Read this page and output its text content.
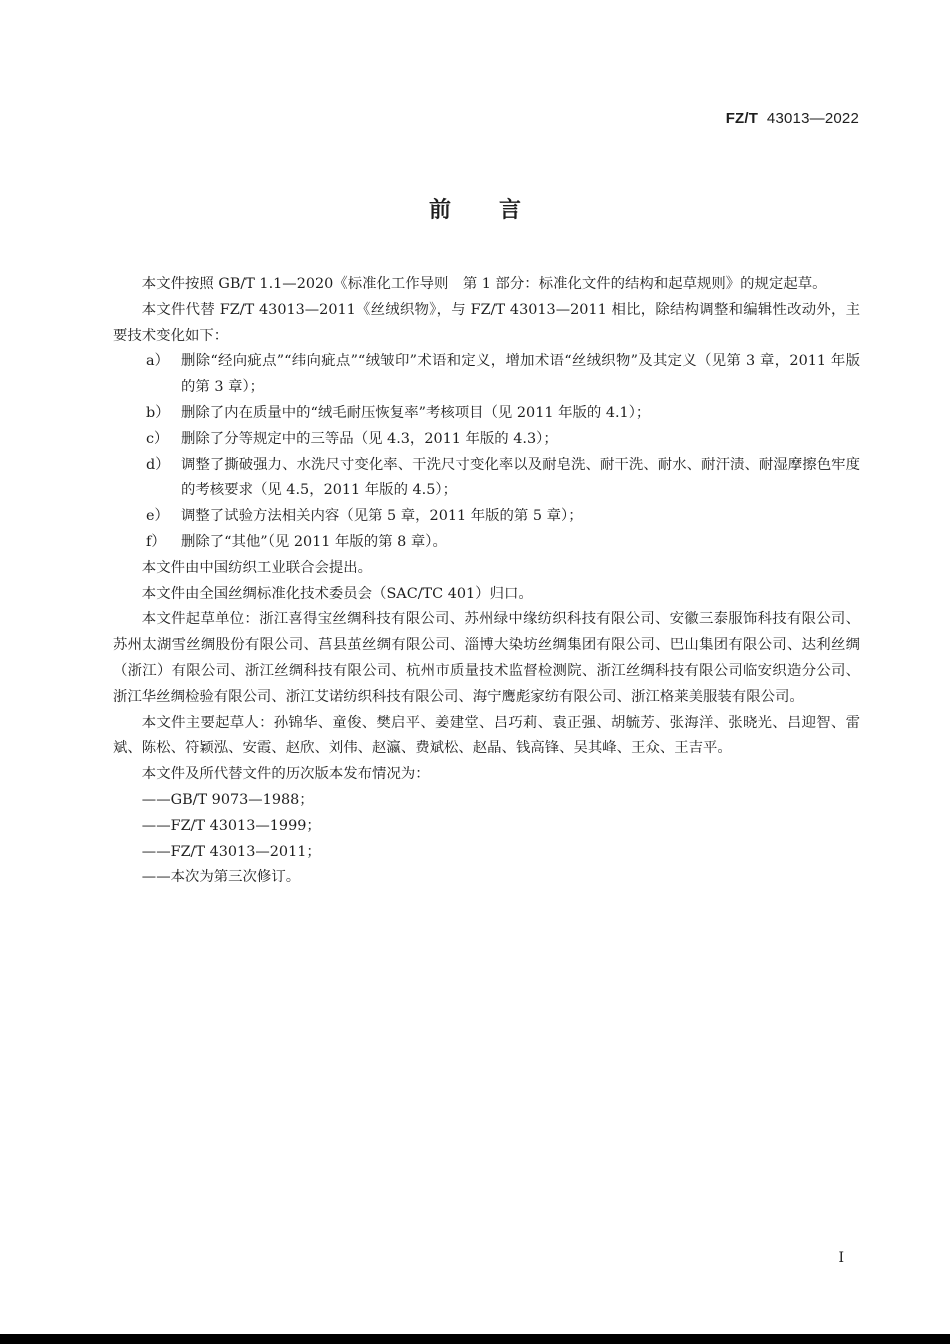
FZ/T 43013—2022
前言

本文件按照 GB/T 1.1—2020《标准化工作导则　第 1 部分：标准化文件的结构和起草规则》的规定起草。

本文件代替 FZ/T 43013—2011《丝绒织物》，与 FZ/T 43013—2011 相比，除结构调整和编辑性改动外，主要技术变化如下：

a） 删除“经向疵点”“纬向疵点”“绒皱印”术语和定义，增加术语“丝绒织物”及其定义（见第 3 章，2011 年版的第 3 章）；
b） 删除了内在质量中的“绒毛耐压恢复率”考核项目（见 2011 年版的 4.1）；
c） 删除了分等规定中的三等品（见 4.3，2011 年版的 4.3）；
d） 调整了撕破强力、水洗尺寸变化率、干洗尺寸变化率以及耐皂洗、耐干洗、耐水、耐汗渍、耐湿摩擦色牢度的考核要求（见 4.5，2011 年版的 4.5）；
e） 调整了试验方法相关内容（见第 5 章，2011 年版的第 5 章）；
f）	删除了“其他”（见 2011 年版的第 8 章）。

本文件由中国纺织工业联合会提出。

本文件由全国丝绸标准化技术委员会（SAC/TC 401）归口。

本文件起草单位：浙江喜得宝丝绸科技有限公司、苏州绿中缘纺织科技有限公司、安徽三泰服饰科技有限公司、苏州太湖雪丝绸股份有限公司、莒县茧丝绸有限公司、淄博大染坊丝绸集团有限公司、巴山集团有限公司、达利丝绸（浙江）有限公司、浙江丝绸科技有限公司、杭州市质量技术监督检测院、浙江丝绸科技有限公司临安织造分公司、浙江华丝绸检验有限公司、浙江艾诺纺织科技有限公司、海宁鹰彪家纺有限公司、浙江格莱美服装有限公司。

本文件主要起草人：孙锦华、童俊、樊启平、姜建堂、吕巧莉、袁正强、胡毓芳、张海洋、张晓光、吕迎智、雷斌、陈松、符颖泓、安霞、赵欣、刘伟、赵瀛、费斌松、赵晶、钱高锋、吴其峰、王众、王吉平。

本文件及所代替文件的历次版本发布情况为：

——GB/T 9073—1988；

——FZ/T 43013—1999；

——FZ/T 43013—2011；

——本次为第三次修订。

I
